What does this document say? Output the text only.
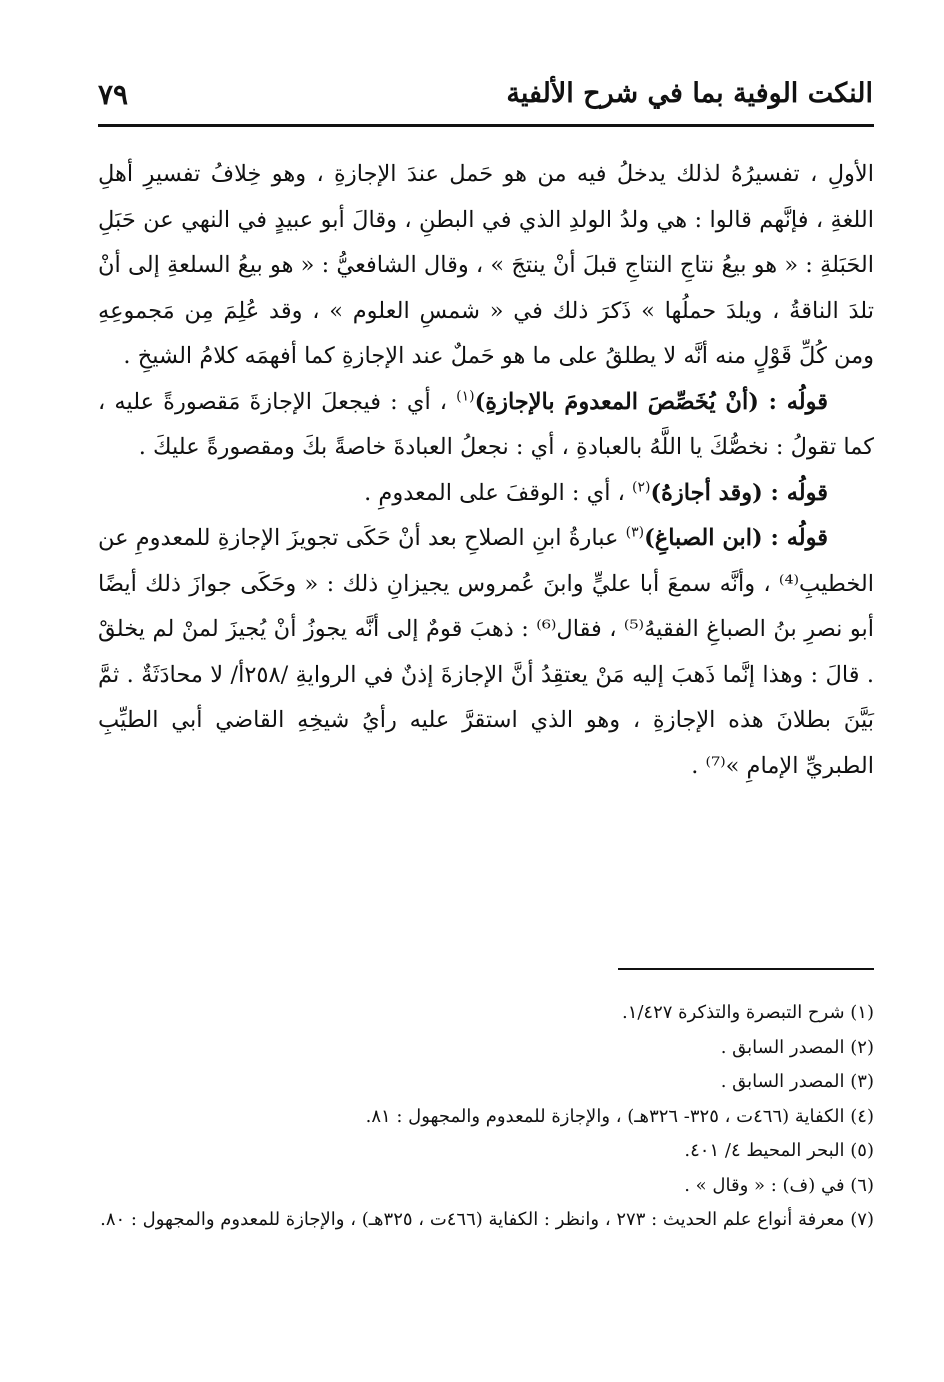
النكت الوفية بما في شرح الألفية
٧٩

الأولِ ، تفسيرُهُ لذلك يدخلُ فيه من هو حَمل عندَ الإجازةِ ، وهو خِلافُ تفسيرِ أهلِ اللغةِ ، فإنَّهم قالوا : هي ولدُ الولدِ الذي في البطنِ ، وقالَ أبو عبيدٍ في النهي عن حَبَلِ الحَبَلةِ : « هو بيعُ نتاجِ النتاجِ قبلَ أنْ ينتجَ » ، وقال الشافعيُّ : « هو بيعُ السلعةِ إلى أنْ تلدَ الناقةُ ، ويلدَ حملُها » ذَكرَ ذلك في « شمسِ العلوم » ، وقد عُلِمَ مِن مَجموعِهِ ومن كُلِّ قَوْلٍ منه أنَّه لا يطلقُ على ما هو حَملٌ عند الإجازةِ كما أفهمَه كلامُ الشيخِ .

قولُه : (أنْ يُخَصِّصَ المعدومَ بالإجازةِ)$^{(١)}$ ، أي : فيجعلَ الإجازةَ مَقصورةً عليه ، كما تقولُ : نخصُّكَ يا اللَّهُ بالعبادةِ ، أي : نجعلُ العبادةَ خاصةً بكَ ومقصورةً عليكَ .

قولُه : (وقد أجازهُ)$^{(٢)}$ ، أي : الوقفَ على المعدومِ .

قولُه : (ابن الصباغِ)$^{(٣)}$ عبارةُ ابنِ الصلاحِ بعد أنْ حَكَى تجويزَ الإجازةِ للمعدومِ عن الخطيبِ⁽⁴⁾ ، وأنَّه سمعَ أبا عليٍّ وابنَ عُمروس يجيزانِ ذلك : « وحَكَى جوازَ ذلك أيضًا أبو نصرِ بنُ الصباغِ الفقيهُ⁽⁵⁾ ، فقال⁽⁶⁾ : ذهبَ قومٌ إلى أنَّه يجوزُ أنْ يُجيزَ لمنْ لم يخلقْ . قالَ : وهذا إنَّما ذَهبَ إليه مَنْ يعتقِدُ أنَّ الإجازةَ إذنٌ في الروايةِ /٢٥٨أ/ لا محادَثَةٌ . ثمَّ بَيَّنَ بطلانَ هذه الإجازةِ ، وهو الذي استقرَّ عليه رأيُ شيخِهِ القاضي أبي الطيِّبِ الطبريِّ الإمامِ »⁽⁷⁾ .

(١) شرح التبصرة والتذكرة ١/٤٢٧.

(٢) المصدر السابق .

(٣) المصدر السابق .

(٤) الكفاية (٤٦٦ت ، ٣٢٥- ٣٢٦هـ) ، والإجازة للمعدوم والمجهول : ٨١.

(٥) البحر المحيط ٤/ ٤٠١.

(٦) في (ف) : « وقال » .

(٧) معرفة أنواع علم الحديث : ٢٧٣ ، وانظر : الكفاية (٤٦٦ت ، ٣٢٥هـ) ، والإجازة للمعدوم والمجهول : ٨٠.
